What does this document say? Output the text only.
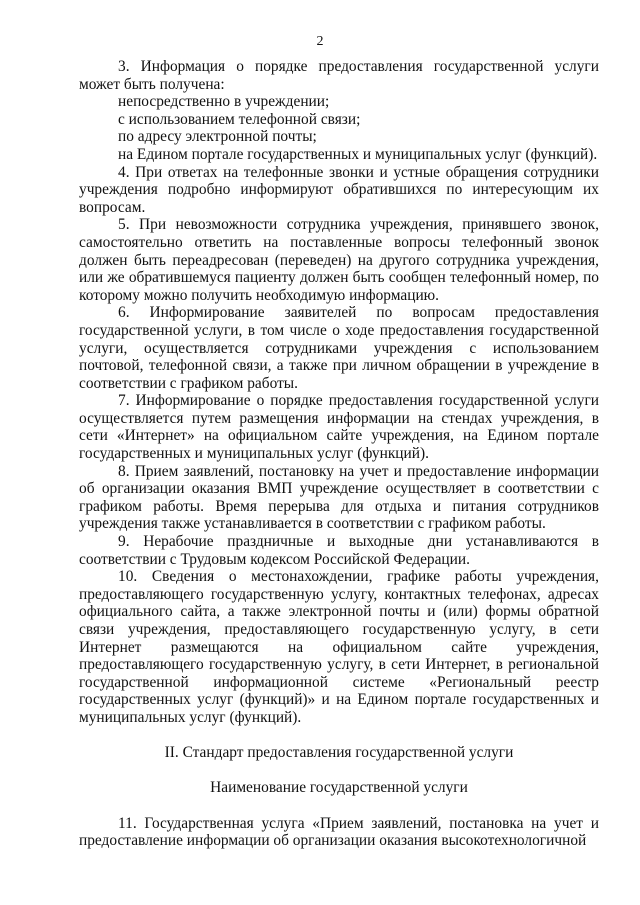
2

3. Информация о порядке предоставления государственной услуги может быть получена:

непосредственно в учреждении;

с использованием телефонной связи;

по адресу электронной почты;

на Едином портале государственных и муниципальных услуг (функций).

4. При ответах на телефонные звонки и устные обращения сотрудники учреждения подробно информируют обратившихся по интересующим их вопросам.

5. При невозможности сотрудника учреждения, принявшего звонок, самостоятельно ответить на поставленные вопросы телефонный звонок должен быть переадресован (переведен) на другого сотрудника учреждения, или же обратившемуся пациенту должен быть сообщен телефонный номер, по которому можно получить необходимую информацию.

6. Информирование заявителей по вопросам предоставления государственной услуги, в том числе о ходе предоставления государственной услуги, осуществляется сотрудниками учреждения с использованием почтовой, телефонной связи, а также при личном обращении в учреждение в соответствии с графиком работы.

7. Информирование о порядке предоставления государственной услуги осуществляется путем размещения информации на стендах учреждения, в сети «Интернет» на официальном сайте учреждения, на Едином портале государственных и муниципальных услуг (функций).

8. Прием заявлений, постановку на учет и предоставление информации об организации оказания ВМП учреждение осуществляет в соответствии с графиком работы. Время перерыва для отдыха и питания сотрудников учреждения также устанавливается в соответствии с графиком работы.

9. Нерабочие праздничные и выходные дни устанавливаются в соответствии с Трудовым кодексом Российской Федерации.

10. Сведения о местонахождении, графике работы учреждения, предоставляющего государственную услугу, контактных телефонах, адресах официального сайта, а также электронной почты и (или) формы обратной связи учреждения, предоставляющего государственную услугу, в сети Интернет размещаются на официальном сайте учреждения, предоставляющего государственную услугу, в сети Интернет, в региональной государственной информационной системе «Региональный реестр государственных услуг (функций)» и на Едином портале государственных и муниципальных услуг (функций).

II. Стандарт предоставления государственной услуги

Наименование государственной услуги

11. Государственная услуга «Прием заявлений, постановка на учет и предоставление информации об организации оказания высокотехнологичной
